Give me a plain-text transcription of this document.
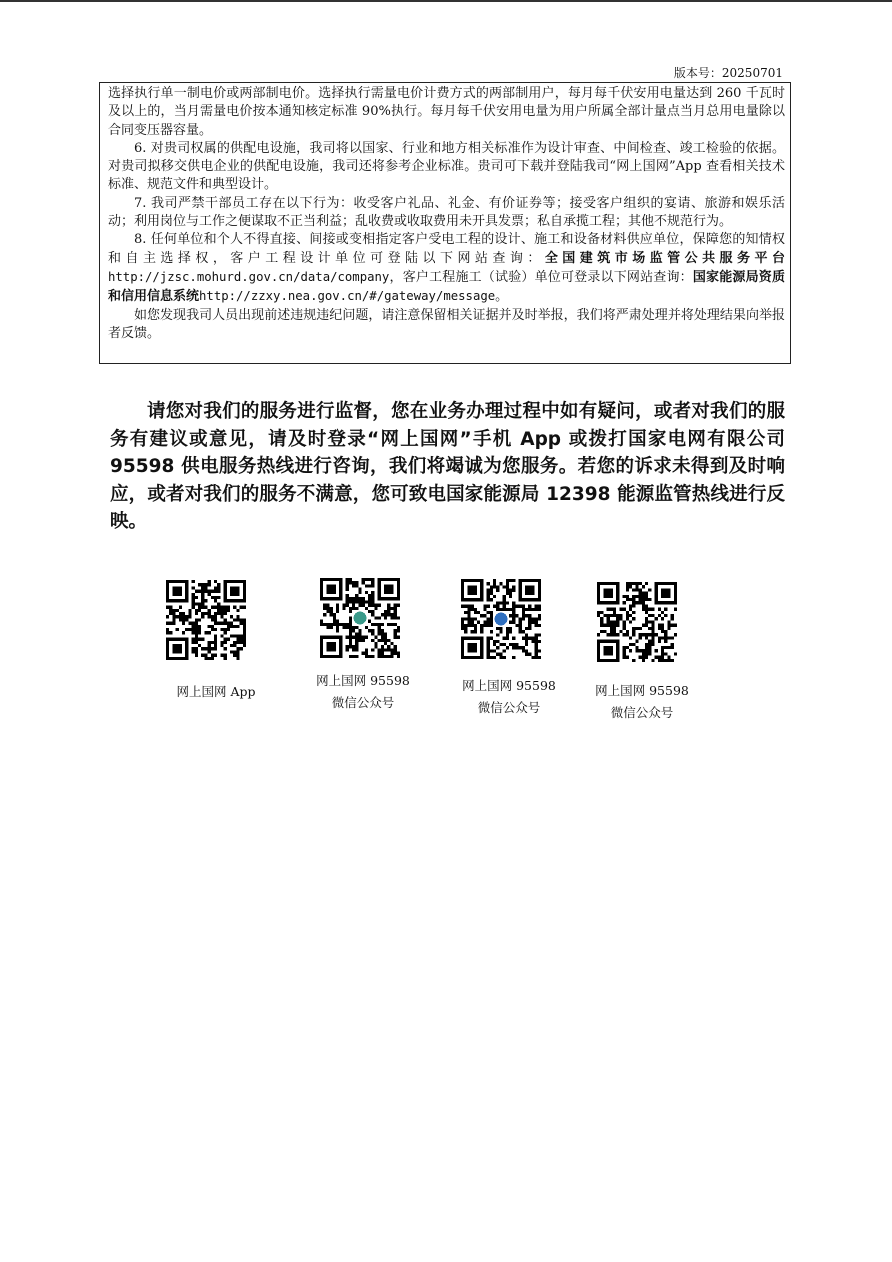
版本号：20250701

选择执行单一制电价或两部制电价。选择执行需量电价计费方式的两部制用户，每月每千伏安用电量达到 260 千瓦时及以上的，当月需量电价按本通知核定标准 90%执行。每月每千伏安用电量为用户所属全部计量点当月总用电量除以合同变压器容量。

6. 对贵司权属的供配电设施，我司将以国家、行业和地方相关标准作为设计审查、中间检查、竣工检验的依据。对贵司拟移交供电企业的供配电设施，我司还将参考企业标准。贵司可下载并登陆我司“网上国网”App 查看相关技术标准、规范文件和典型设计。

7. 我司严禁干部员工存在以下行为：收受客户礼品、礼金、有价证券等；接受客户组织的宴请、旅游和娱乐活动；利用岗位与工作之便谋取不正当利益；乱收费或收取费用未开具发票；私自承揽工程；其他不规范行为。

8. 任何单位和个人不得直接、间接或变相指定客户受电工程的设计、施工和设备材料供应单位，保障您的知情权和自主选择权，客户工程设计单位可登陆以下网站查询：全国建筑市场监管公共服务平台http://jzsc.mohurd.gov.cn/data/company，客户工程施工（试验）单位可登录以下网站查询：国家能源局资质和信用信息系统http://zzxy.nea.gov.cn/#/gateway/message。

如您发现我司人员出现前述违规违纪问题，请注意保留相关证据并及时举报，我们将严肃处理并将处理结果向举报者反馈。

请您对我们的服务进行监督，您在业务办理过程中如有疑问，或者对我们的服务有建议或意见，请及时登录“网上国网”手机 App 或拨打国家电网有限公司 95598 供电服务热线进行咨询，我们将竭诚为您服务。若您的诉求未得到及时响应，或者对我们的服务不满意，您可致电国家能源局 12398 能源监管热线进行反映。

网上国网 App
网上国网 95598
微信公众号
网上国网 95598
微信公众号
网上国网 95598
微信公众号
